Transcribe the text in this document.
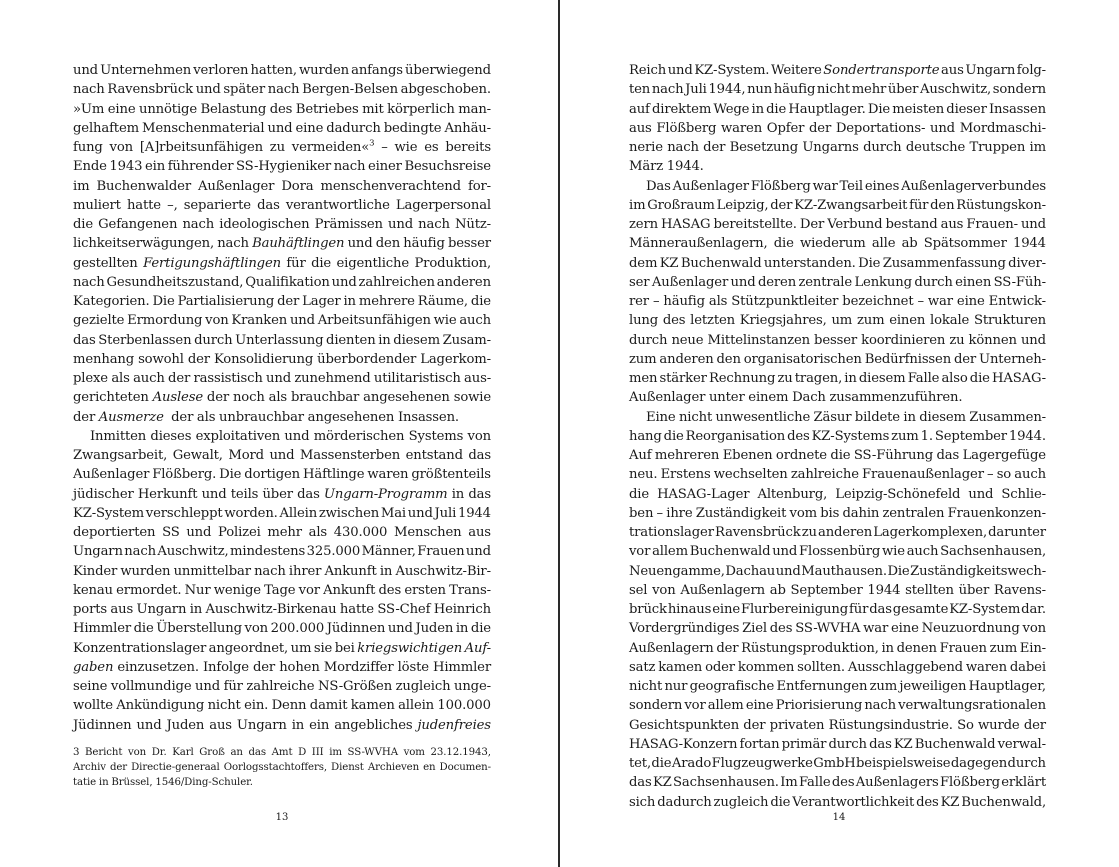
und Unternehmen verloren hatten, wurden anfangs überwiegend
nach Ravensbrück und später nach Bergen-Belsen abgeschoben.
»Um eine unnötige Belastung des Betriebes mit körperlich man-
gelhaftem Menschenmaterial und eine dadurch bedingte Anhäu-
fung von [A]rbeitsunfähigen zu vermeiden«$^3$ – wie es bereits
Ende 1943 ein führender SS-Hygieniker nach einer Besuchsreise
im Buchenwalder Außenlager Dora menschenverachtend for-
muliert hatte –, separierte das verantwortliche Lagerpersonal
die Gefangenen nach ideologischen Prämissen und nach Nütz-
lichkeitserwägungen, nach Bauhäftlingen und den häufig besser
gestellten Fertigungshäftlingen für die eigentliche Produktion,
nach Gesundheitszustand, Qualifikation und zahlreichen anderen
Kategorien. Die Partialisierung der Lager in mehrere Räume, die
gezielte Ermordung von Kranken und Arbeitsunfähigen wie auch
das Sterbenlassen durch Unterlassung dienten in diesem Zusam-
menhang sowohl der Konsolidierung überbordender Lagerkom-
plexe als auch der rassistisch und zunehmend utilitaristisch aus-
gerichteten Auslese der noch als brauchbar angesehenen sowie
der Ausmerze der als unbrauchbar angesehenen Insassen.
Inmitten dieses exploitativen und mörderischen Systems von
Zwangsarbeit, Gewalt, Mord und Massensterben entstand das
Außenlager Flößberg. Die dortigen Häftlinge waren größtenteils
jüdischer Herkunft und teils über das Ungarn-Programm in das
KZ-System verschleppt worden. Allein zwischen Mai und Juli 1944
deportierten SS und Polizei mehr als 430.000 Menschen aus
Ungarn nach Auschwitz, mindestens 325.000 Männer, Frauen und
Kinder wurden unmittelbar nach ihrer Ankunft in Auschwitz-Bir-
kenau ermordet. Nur wenige Tage vor Ankunft des ersten Trans-
ports aus Ungarn in Auschwitz-Birkenau hatte SS-Chef Heinrich
Himmler die Überstellung von 200.000 Jüdinnen und Juden in die
Konzentrationslager angeordnet, um sie bei kriegswichtigen Auf-
gaben einzusetzen. Infolge der hohen Mordziffer löste Himmler
seine vollmundige und für zahlreiche NS-Größen zugleich unge-
wollte Ankündigung nicht ein. Denn damit kamen allein 100.000
Jüdinnen und Juden aus Ungarn in ein angebliches judenfreies
3 Bericht von Dr. Karl Groß an das Amt D III im SS-WVHA vom 23.12.1943,
Archiv der Directie-generaal Oorlogsstachtoffers, Dienst Archieven en Documen-
tatie in Brüssel, 1546/Ding-Schuler.
13
Reich und KZ-System. Weitere Sondertransporte aus Ungarn folg-
ten nach Juli 1944, nun häufig nicht mehr über Auschwitz, sondern
auf direktem Wege in die Hauptlager. Die meisten dieser Insassen
aus Flößberg waren Opfer der Deportations- und Mordmaschi-
nerie nach der Besetzung Ungarns durch deutsche Truppen im
März 1944.
Das Außenlager Flößberg war Teil eines Außenlagerverbundes
im Großraum Leipzig, der KZ-Zwangsarbeit für den Rüstungskon-
zern HASAG bereitstellte. Der Verbund bestand aus Frauen- und
Männeraußenlagern, die wiederum alle ab Spätsommer 1944
dem KZ Buchenwald unterstanden. Die Zusammenfassung diver-
ser Außenlager und deren zentrale Lenkung durch einen SS-Füh-
rer – häufig als Stützpunktleiter bezeichnet – war eine Entwick-
lung des letzten Kriegsjahres, um zum einen lokale Strukturen
durch neue Mittelinstanzen besser koordinieren zu können und
zum anderen den organisatorischen Bedürfnissen der Unterneh-
men stärker Rechnung zu tragen, in diesem Falle also die HASAG-
Außenlager unter einem Dach zusammenzuführen.
Eine nicht unwesentliche Zäsur bildete in diesem Zusammen-
hang die Reorganisation des KZ-Systems zum 1. September 1944.
Auf mehreren Ebenen ordnete die SS-Führung das Lagergefüge
neu. Erstens wechselten zahlreiche Frauenaußenlager – so auch
die HASAG-Lager Altenburg, Leipzig-Schönefeld und Schlie-
ben – ihre Zuständigkeit vom bis dahin zentralen Frauenkonzen-
trationslager Ravensbrück zu anderen Lagerkomplexen, darunter
vor allem Buchenwald und Flossenbürg wie auch Sachsenhausen,
Neuengamme, Dachau und Mauthausen. Die Zuständigkeitswech-
sel von Außenlagern ab September 1944 stellten über Ravens-
brück hinaus eine Flurbereinigung für das gesamte KZ-System dar.
Vordergründiges Ziel des SS-WVHA war eine Neuzuordnung von
Außenlagern der Rüstungsproduktion, in denen Frauen zum Ein-
satz kamen oder kommen sollten. Ausschlaggebend waren dabei
nicht nur geografische Entfernungen zum jeweiligen Hauptlager,
sondern vor allem eine Priorisierung nach verwaltungsrationalen
Gesichtspunkten der privaten Rüstungsindustrie. So wurde der
HASAG-Konzern fortan primär durch das KZ Buchenwald verwal-
tet, die Arado Flugzeugwerke GmbH beispielsweise dagegen durch
das KZ Sachsenhausen. Im Falle des Außenlagers Flößberg erklärt
sich dadurch zugleich die Verantwortlichkeit des KZ Buchenwald,
14
